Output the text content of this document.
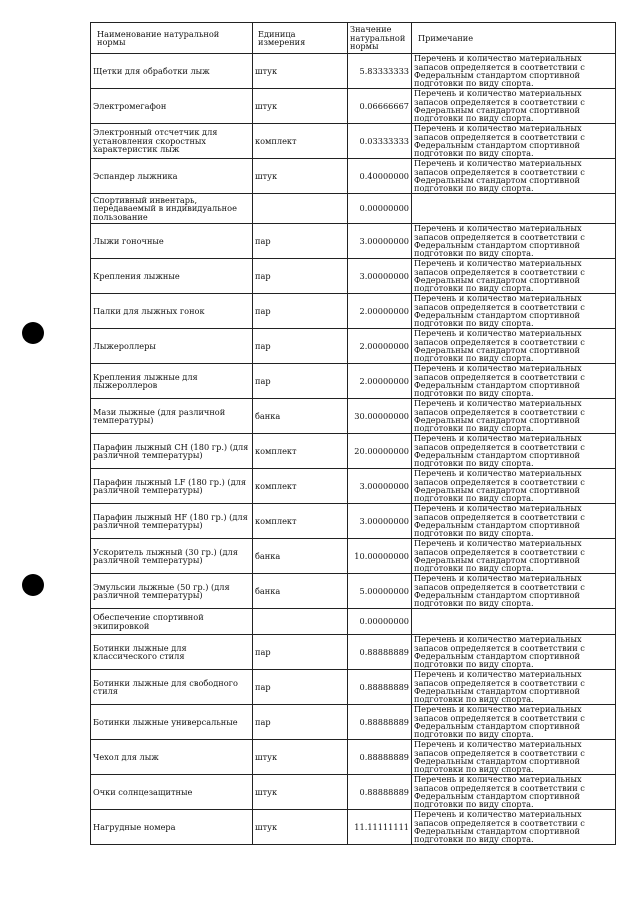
Наименование натуральной нормы	Единица измерения	Значение натуральной нормы	Примечание
Щетки для обработки лыж	штук	5.83333333	Перечень и количество материальных запасов определяется в соответствии с Федеральным стандартом спортивной подготовки по виду спорта.
Электромегафон	штук	0.06666667	Перечень и количество материальных запасов определяется в соответствии с Федеральным стандартом спортивной подготовки по виду спорта.
Электронный отсчетчик для установления скоростных характеристик лыж	комплект	0.03333333	Перечень и количество материальных запасов определяется в соответствии с Федеральным стандартом спортивной подготовки по виду спорта.
Эспандер лыжника	штук	0.40000000	Перечень и количество материальных запасов определяется в соответствии с Федеральным стандартом спортивной подготовки по виду спорта.
Спортивный инвентарь, передаваемый в индивидуальное пользование		0.00000000	
Лыжи гоночные	пар	3.00000000	Перечень и количество материальных запасов определяется в соответствии с Федеральным стандартом спортивной подготовки по виду спорта.
Крепления лыжные	пар	3.00000000	Перечень и количество материальных запасов определяется в соответствии с Федеральным стандартом спортивной подготовки по виду спорта.
Палки для лыжных гонок	пар	2.00000000	Перечень и количество материальных запасов определяется в соответствии с Федеральным стандартом спортивной подготовки по виду спорта.
Лыжероллеры	пар	2.00000000	Перечень и количество материальных запасов определяется в соответствии с Федеральным стандартом спортивной подготовки по виду спорта.
Крепления лыжные для лыжероллеров	пар	2.00000000	Перечень и количество материальных запасов определяется в соответствии с Федеральным стандартом спортивной подготовки по виду спорта.
Мази лыжные (для различной температуры)	банка	30.00000000	Перечень и количество материальных запасов определяется в соответствии с Федеральным стандартом спортивной подготовки по виду спорта.
Парафин лыжный CH (180 гр.) (для различной температуры)	комплект	20.00000000	Перечень и количество материальных запасов определяется в соответствии с Федеральным стандартом спортивной подготовки по виду спорта.
Парафин лыжный LF (180 гр.) (для различной температуры)	комплект	3.00000000	Перечень и количество материальных запасов определяется в соответствии с Федеральным стандартом спортивной подготовки по виду спорта.
Парафин лыжный HF (180 гр.) (для различной температуры)	комплект	3.00000000	Перечень и количество материальных запасов определяется в соответствии с Федеральным стандартом спортивной подготовки по виду спорта.
Ускоритель лыжный (30 гр.) (для различной температуры)	банка	10.00000000	Перечень и количество материальных запасов определяется в соответствии с Федеральным стандартом спортивной подготовки по виду спорта.
Эмульсии лыжные (50 гр.) (для различной температуры)	банка	5.00000000	Перечень и количество материальных запасов определяется в соответствии с Федеральным стандартом спортивной подготовки по виду спорта.
Обеспечение спортивной экипировкой		0.00000000	
Ботинки лыжные для классического стиля	пар	0.88888889	Перечень и количество материальных запасов определяется в соответствии с Федеральным стандартом спортивной подготовки по виду спорта.
Ботинки лыжные для свободного стиля	пар	0.88888889	Перечень и количество материальных запасов определяется в соответствии с Федеральным стандартом спортивной подготовки по виду спорта.
Ботинки лыжные универсальные	пар	0.88888889	Перечень и количество материальных запасов определяется в соответствии с Федеральным стандартом спортивной подготовки по виду спорта.
Чехол для лыж	штук	0.88888889	Перечень и количество материальных запасов определяется в соответствии с Федеральным стандартом спортивной подготовки по виду спорта.
Очки солнцезащитные	штук	0.88888889	Перечень и количество материальных запасов определяется в соответствии с Федеральным стандартом спортивной подготовки по виду спорта.
Нагрудные номера	штук	11.11111111	Перечень и количество материальных запасов определяется в соответствии с Федеральным стандартом спортивной подготовки по виду спорта.
